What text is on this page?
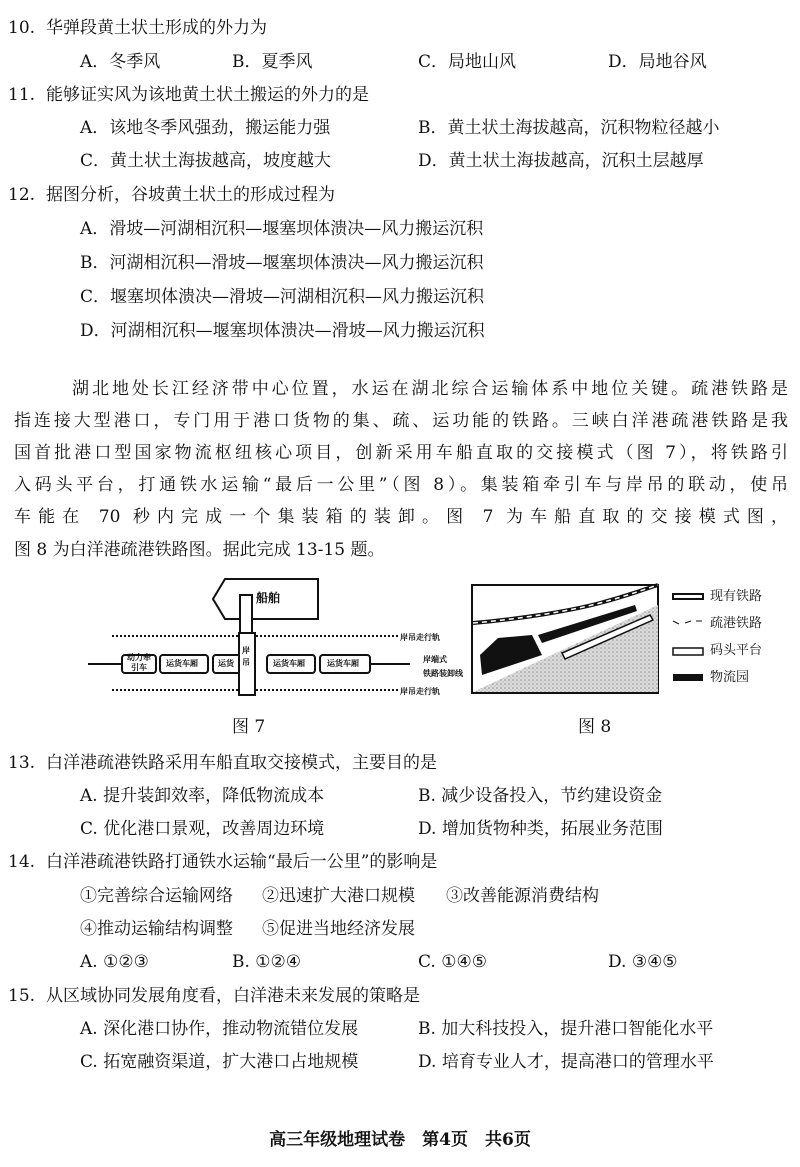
10. 华弹段黄土状土形成的外力为
A．冬季风	B．夏季风	C．局地山风	D．局地谷风
11. 能够证实风为该地黄土状土搬运的外力的是
A．该地冬季风强劲，搬运能力强	B．黄土状土海拔越高，沉积物粒径越小
C．黄土状土海拔越高，坡度越大	D．黄土状土海拔越高，沉积土层越厚
12. 据图分析，谷坡黄土状土的形成过程为
A．滑坡—河湖相沉积—堰塞坝体溃决—风力搬运沉积
B．河湖相沉积—滑坡—堰塞坝体溃决—风力搬运沉积
C．堰塞坝体溃决—滑坡—河湖相沉积—风力搬运沉积
D．河湖相沉积—堰塞坝体溃决—滑坡—风力搬运沉积
湖北地处长江经济带中心位置，水运在湖北综合运输体系中地位关键。疏港铁路是
指连接大型港口，专门用于港口货物的集、疏、运功能的铁路。三峡白洋港疏港铁路是我
国首批港口型国家物流枢纽核心项目，创新采用车船直取的交接模式（图 7），将铁路引
入码头平台，打通铁水运输“最后一公里”（图 8）。集装箱牵引车与岸吊的联动，使吊
车能在 70 秒内完成一个集装箱的装卸。图 7 为车船直取的交接模式图，
图 8 为白洋港疏港铁路图。据此完成 13-15 题。
船舶
岸吊
岸吊走行轨
岸吊走行轨
岸端式
铁路装卸线
动力牵引车	运货车厢	运货	运货车厢	运货车厢
图 7
现有铁路
疏港铁路
码头平台
物流园
图 8
13. 白洋港疏港铁路采用车船直取交接模式，主要目的是
A. 提升装卸效率，降低物流成本	B. 减少设备投入，节约建设资金
C. 优化港口景观，改善周边环境	D. 增加货物种类，拓展业务范围
14. 白洋港疏港铁路打通铁水运输“最后一公里”的影响是
①完善综合运输网络 ②迅速扩大港口规模 ③改善能源消费结构
④推动运输结构调整 ⑤促进当地经济发展
A. ①②③	B. ①②④	C. ①④⑤	D. ③④⑤
15. 从区域协同发展角度看，白洋港未来发展的策略是
A. 深化港口协作，推动物流错位发展	B. 加大科技投入，提升港口智能化水平
C. 拓宽融资渠道，扩大港口占地规模	D. 培育专业人才，提高港口的管理水平
高三年级地理试卷　第4页　共6页
